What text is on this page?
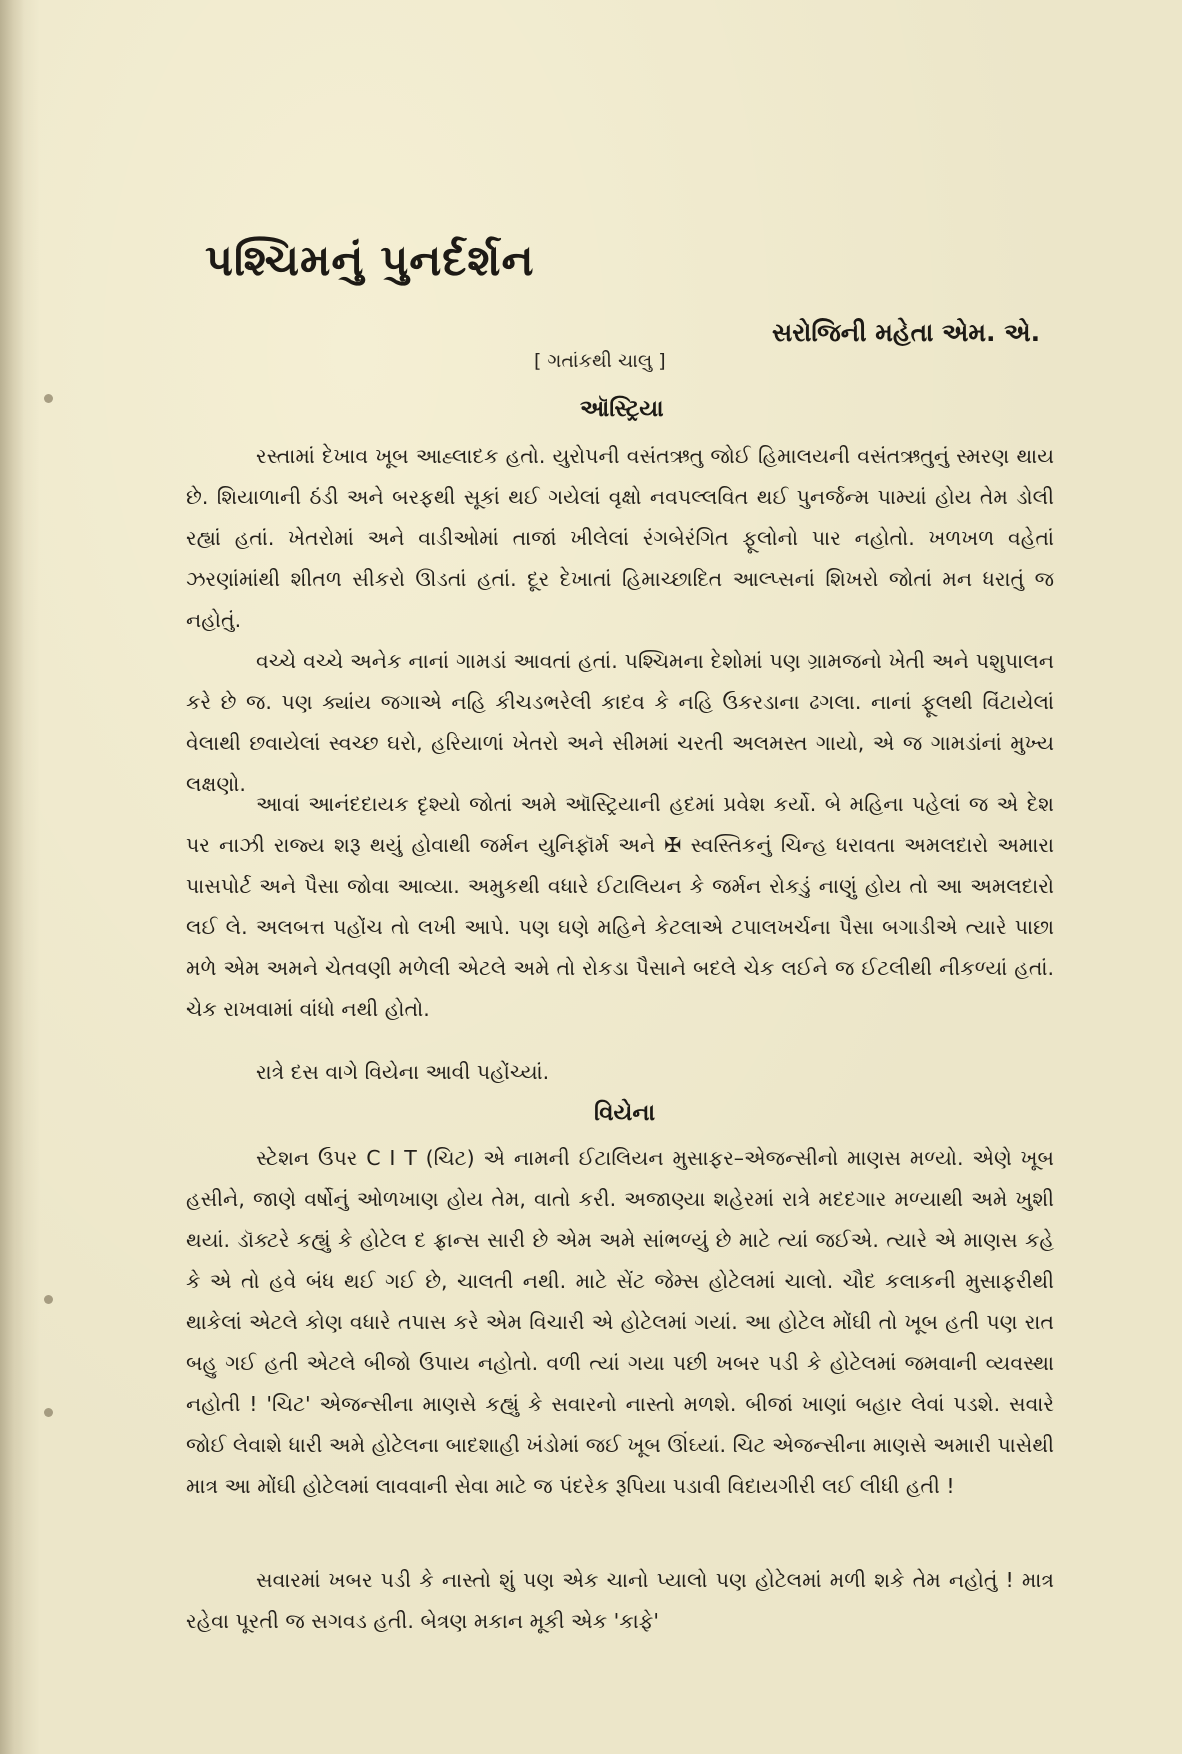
પશ્ચિમનું પુનર્દર્શન
સરોજિની મહેતા એમ. એ.
[ ગતાંકથી ચાલુ ]
ઑસ્ટ્રિયા

રસ્તામાં દેખાવ ખૂબ આહ્લાદક હતો. યુરોપની વસંતઋતુ જોઈ હિમાલયની વસંતઋતુનું સ્મરણ થાય છે. શિયાળાની ઠંડી અને બરફથી સૂકાં થઈ ગયેલાં વૃક્ષો નવપલ્લવિત થઈ પુનર્જન્મ પામ્યાં હોય તેમ ડોલી રહ્યાં હતાં. ખેતરોમાં અને વાડીઓમાં તાજાં ખીલેલાં રંગબેરંગિત ફૂલોનો પાર નહોતો. ખળખળ વહેતાં ઝરણાંમાંથી શીતળ સીકરો ઊડતાં હતાં. દૂર દેખાતાં હિમાચ્છાદિત આલ્પ્સનાં શિખરો જોતાં મન ધરાતું જ નહોતું.

વચ્ચે વચ્ચે અનેક નાનાં ગામડાં આવતાં હતાં. પશ્ચિમના દેશોમાં પણ ગ્રામજનો ખેતી અને પશુપાલન કરે છે જ. પણ ક્યાંય જગાએ નહિ કીચડભરેલી કાદવ કે નહિ ઉકરડાના ઢગલા. નાનાં ફૂલથી વિંટાયેલાં વેલાથી છવાયેલાં સ્વચ્છ ઘરો, હરિયાળાં ખેતરો અને સીમમાં ચરતી અલમસ્ત ગાયો, એ જ ગામડાંનાં મુખ્ય લક્ષણો.

આવાં આનંદદાયક દૃશ્યો જોતાં અમે ઑસ્ટ્રિયાની હદમાં પ્રવેશ કર્યો. બે મહિના પહેલાં જ એ દેશ પર નાઝી રાજ્ય શરૂ થયું હોવાથી જર્મન યુનિફૉર્મ અને ✠ સ્વસ્તિકનું ચિન્હ ધરાવતા અમલદારો અમારા પાસપોર્ટ અને પૈસા જોવા આવ્યા. અમુકથી વધારે ઈટાલિયન કે જર્મન રોકડું નાણું હોય તો આ અમલદારો લઈ લે. અલબત્ત પહોંચ તો લખી આપે. પણ ઘણે મહિને કેટલાએ ટપાલખર્ચના પૈસા બગાડીએ ત્યારે પાછા મળે એમ અમને ચેતવણી મળેલી એટલે અમે તો રોકડા પૈસાને બદલે ચેક લઈને જ ઈટલીથી નીકળ્યાં હતાં. ચેક રાખવામાં વાંધો નથી હોતો.

રાત્રે દસ વાગે વિયેના આવી પહોંચ્યાં.

વિયેના

સ્ટેશન ઉપર C I T (ચિટ) એ નામની ઈટાલિયન મુસાફર–એજન્સીનો માણસ મળ્યો. એણે ખૂબ હસીને, જાણે વર્ષોનું ઓળખાણ હોય તેમ, વાતો કરી. અજાણ્યા શહેરમાં રાત્રે મદદગાર મળ્યાથી અમે ખુશી થયાં. ડૉક્ટરે કહ્યું કે હોટેલ દ ફ્રાન્સ સારી છે એમ અમે સાંભળ્યું છે માટે ત્યાં જઈએ. ત્યારે એ માણસ કહે કે એ તો હવે બંધ થઈ ગઈ છે, ચાલતી નથી. માટે સેંટ જેમ્સ હોટેલમાં ચાલો. ચૌદ કલાકની મુસાફરીથી થાકેલાં એટલે કોણ વધારે તપાસ કરે એમ વિચારી એ હોટેલમાં ગયાં. આ હોટેલ મોંઘી તો ખૂબ હતી પણ રાત બહુ ગઈ હતી એટલે બીજો ઉપાય નહોતો. વળી ત્યાં ગયા પછી ખબર પડી કે હોટેલમાં જમવાની વ્યવસ્થા નહોતી ! 'ચિટ' એજન્સીના માણસે કહ્યું કે સવારનો નાસ્તો મળશે. બીજાં ખાણાં બહાર લેવાં પડશે. સવારે જોઈ લેવાશે ધારી અમે હોટેલના બાદશાહી ખંડોમાં જઈ ખૂબ ઊંઘ્યાં. ચિટ એજન્સીના માણસે અમારી પાસેથી માત્ર આ મોંઘી હોટેલમાં લાવવાની સેવા માટે જ પંદરેક રૂપિયા પડાવી વિદાયગીરી લઈ લીધી હતી !

સવારમાં ખબર પડી કે નાસ્તો શું પણ એક ચાનો પ્યાલો પણ હોટેલમાં મળી શકે તેમ નહોતું ! માત્ર રહેવા પૂરતી જ સગવડ હતી. બેત્રણ મકાન મૂકી એક 'કાફે'
